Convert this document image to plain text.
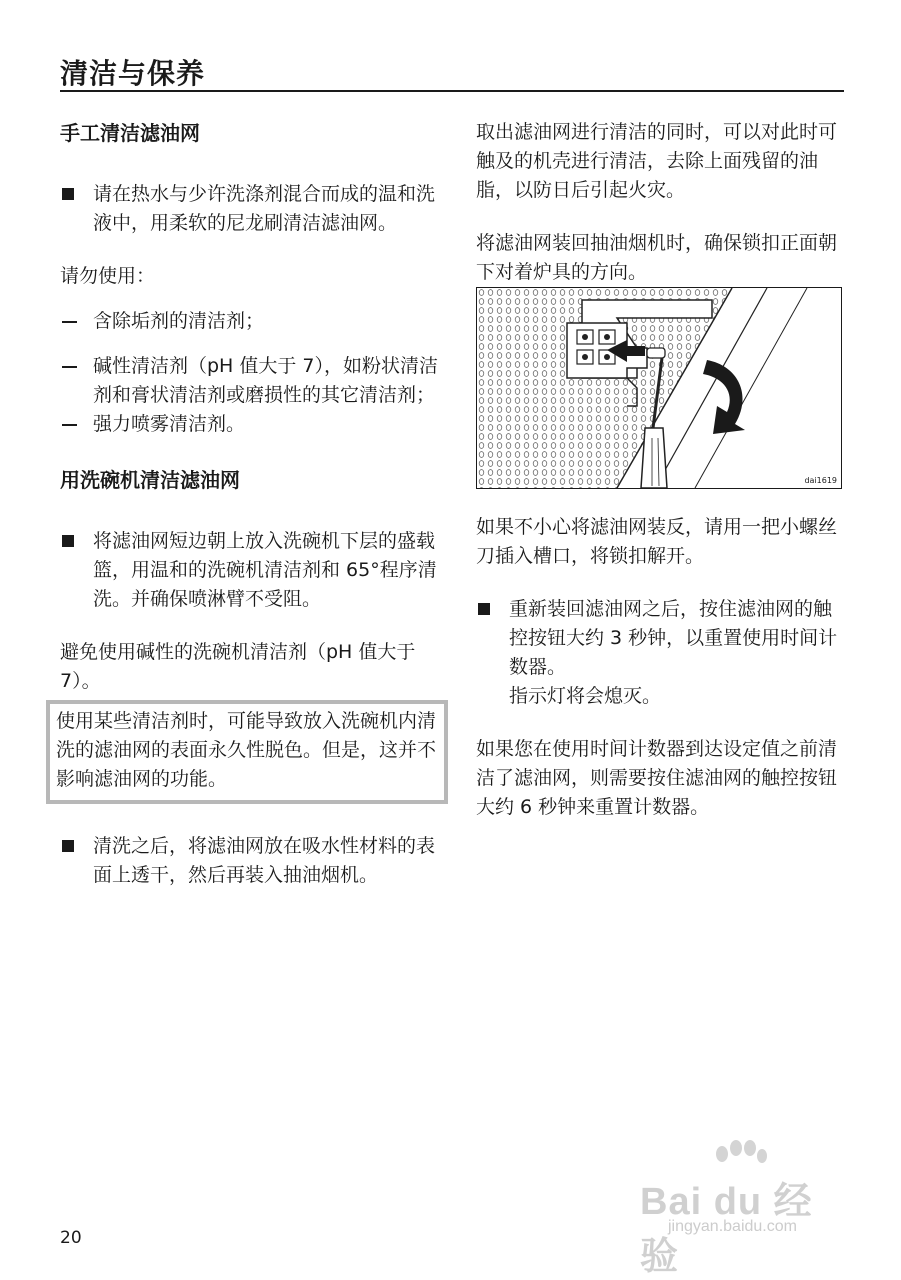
清洁与保养
手工清洁滤油网

请在热水与少许洗涤剂混合而成的温和洗液中，用柔软的尼龙刷清洁滤油网。

请勿使用：

含除垢剂的清洁剂；

碱性清洁剂（pH 值大于 7），如粉状清洁剂和膏状清洁剂或磨损性的其它清洁剂；

强力喷雾清洁剂。

用洗碗机清洁滤油网

将滤油网短边朝上放入洗碗机下层的盛载篮，用温和的洗碗机清洁剂和 65°程序清洗。并确保喷淋臂不受阻。

避免使用碱性的洗碗机清洁剂（pH 值大于 7）。

使用某些清洁剂时，可能导致放入洗碗机内清洗的滤油网的表面永久性脱色。但是，这并不影响滤油网的功能。

清洗之后，将滤油网放在吸水性材料的表面上透干，然后再装入抽油烟机。

取出滤油网进行清洁的同时，可以对此时可触及的机壳进行清洁，去除上面残留的油脂，以防日后引起火灾。

将滤油网装回抽油烟机时，确保锁扣正面朝下对着炉具的方向。

dai1619

如果不小心将滤油网装反，请用一把小螺丝刀插入槽口，将锁扣解开。

重新装回滤油网之后，按住滤油网的触控按钮大约 3 秒钟，以重置使用时间计数器。

指示灯将会熄灭。

如果您在使用时间计数器到达设定值之前清洁了滤油网，则需要按住滤油网的触控按钮大约 6 秒钟来重置计数器。

20
Bai du 经验
jingyan.baidu.com
